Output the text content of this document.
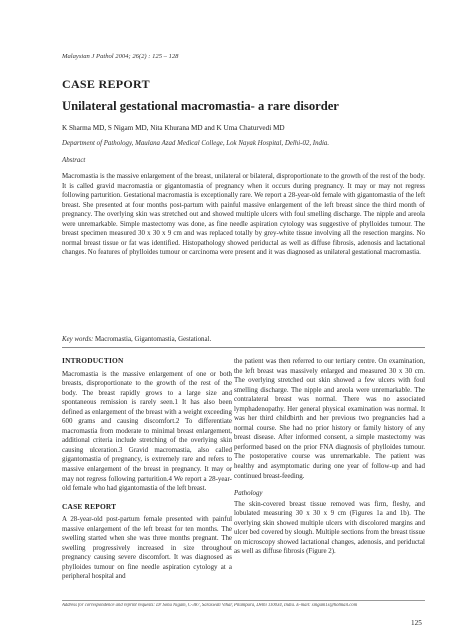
Malaysian J Pathol 2004; 26(2) : 125 – 128
CASE REPORT
Unilateral gestational macromastia- a rare disorder
K Sharma MD, S Nigam MD, Nita Khurana MD and K Uma Chaturvedi MD
Department of Pathology, Maulana Azad Medical College, Lok Nayak Hospital, Delhi-02, India.
Abstract
Macromastia is the massive enlargement of the breast, unilateral or bilateral, disproportionate to the growth of the rest of the body. It is called gravid macromastia or gigantomastia of pregnancy when it occurs during pregnancy. It may or may not regress following parturition. Gestational macromastia is exceptionally rare. We report a 28-year-old female with gigantomastia of the left breast. She presented at four months post-partum with painful massive enlargement of the left breast since the third month of pregnancy. The overlying skin was stretched out and showed multiple ulcers with foul smelling discharge. The nipple and areola were unremarkable. Simple mastectomy was done, as fine needle aspiration cytology was suggestive of phylloides tumour. The breast specimen measured 30 x 30 x 9 cm and was replaced totally by grey-white tissue involving all the resection margins. No normal breast tissue or fat was identified. Histopathology showed periductal as well as diffuse fibrosis, adenosis and lactational changes. No features of phylloides tumour or carcinoma were present and it was diagnosed as unilateral gestational macromastia.
Key words: Macromastia, Gigantomastia, Gestational.
INTRODUCTION

Macromastia is the massive enlargement of one or both breasts, disproportionate to the growth of the rest of the body. The breast rapidly grows to a large size and spontaneous remission is rarely seen.1 It has also been defined as enlargement of the breast with a weight exceeding 600 grams and causing discomfort.2 To differentiate macromastia from moderate to minimal breast enlargement, additional criteria include stretching of the overlying skin causing ulceration.3 Gravid macromastia, also called gigantomastia of pregnancy, is extremely rare and refers to massive enlargement of the breast in pregnancy. It may or may not regress following parturition.4 We report a 28-year-old female who had gigantomastia of the left breast.

CASE REPORT

A 28-year-old post-partum female presented with painful massive enlargement of the left breast for ten months. The swelling started when she was three months pregnant. The swelling progressively increased in size throughout pregnancy causing severe discomfort. It was diagnosed as phylloides tumour on fine needle aspiration cytology at a peripheral hospital and

the patient was then referred to our tertiary centre. On examination, the left breast was massively enlarged and measured 30 x 30 cm. The overlying stretched out skin showed a few ulcers with foul smelling discharge. The nipple and areola were unremarkable. The contralateral breast was normal. There was no associated lymphadenopathy. Her general physical examination was normal. It was her third childbirth and her previous two pregnancies had a normal course. She had no prior history or family history of any breast disease. After informed consent, a simple mastectomy was performed based on the prior FNA diagnosis of phylloides tumour. The postoperative course was unremarkable. The patient was healthy and asymptomatic during one year of follow-up and had continued breast-feeding.

Pathology

The skin-covered breast tissue removed was firm, fleshy, and lobulated measuring 30 x 30 x 9 cm (Figures 1a and 1b). The overlying skin showed multiple ulcers with discolored margins and ulcer bed covered by slough. Multiple sections from the breast tissue on microscopy showed lactational changes, adenosis, and periductal as well as diffuse fibrosis (Figure 2).

Address for correspondence and reprint requests: Dr Sonu Nigam, C-387, Saraswati Vihar, Pitampura, Delhi 110034, India. E-mail: singam1s@hotmail.com
125
